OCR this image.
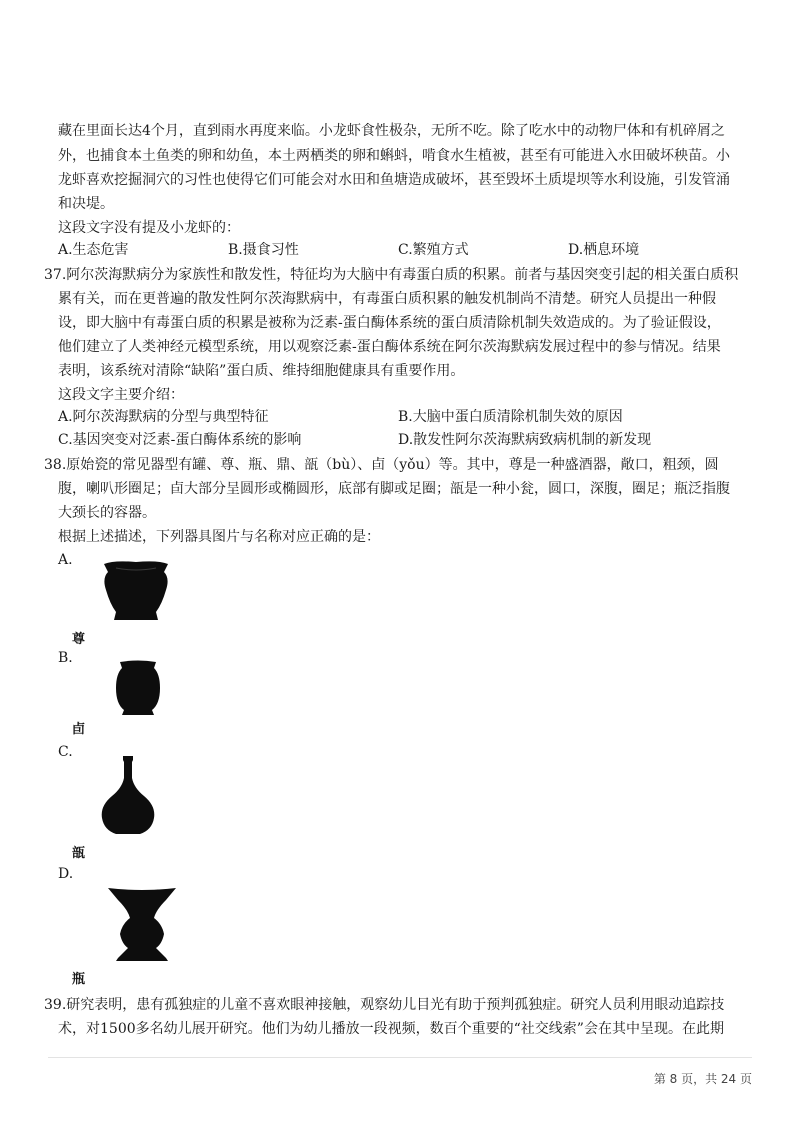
藏在里面长达4个月，直到雨水再度来临。小龙虾食性极杂，无所不吃。除了吃水中的动物尸体和有机碎屑之
外，也捕食本土鱼类的卵和幼鱼，本土两栖类的卵和蝌蚪，啃食水生植被，甚至有可能进入水田破坏秧苗。小
龙虾喜欢挖掘洞穴的习性也使得它们可能会对水田和鱼塘造成破坏，甚至毁坏土质堤坝等水利设施，引发管涌
和决堤。
这段文字没有提及小龙虾的：
A.生态危害	B.摄食习性	C.繁殖方式	D.栖息环境
37.阿尔茨海默病分为家族性和散发性，特征均为大脑中有毒蛋白质的积累。前者与基因突变引起的相关蛋白质积
累有关，而在更普遍的散发性阿尔茨海默病中，有毒蛋白质积累的触发机制尚不清楚。研究人员提出一种假
设，即大脑中有毒蛋白质的积累是被称为泛素-蛋白酶体系统的蛋白质清除机制失效造成的。为了验证假设，
他们建立了人类神经元模型系统，用以观察泛素-蛋白酶体系统在阿尔茨海默病发展过程中的参与情况。结果
表明，该系统对清除“缺陷”蛋白质、维持细胞健康具有重要作用。
这段文字主要介绍：
A.阿尔茨海默病的分型与典型特征	B.大脑中蛋白质清除机制失效的原因
C.基因突变对泛素-蛋白酶体系统的影响	D.散发性阿尔茨海默病致病机制的新发现
38.原始瓷的常见器型有罐、尊、瓶、鼎、瓿（bù）、卣（yǒu）等。其中，尊是一种盛酒器，敞口，粗颈，圆
腹，喇叭形圈足；卣大部分呈圆形或椭圆形，底部有脚或足圈；瓿是一种小瓮，圆口，深腹，圈足；瓶泛指腹
大颈长的容器。
根据上述描述，下列器具图片与名称对应正确的是：
A.
尊
B.
卣
C.
瓿
D.
瓶
39.研究表明，患有孤独症的儿童不喜欢眼神接触，观察幼儿目光有助于预判孤独症。研究人员利用眼动追踪技
术，对1500多名幼儿展开研究。他们为幼儿播放一段视频，数百个重要的“社交线索”会在其中呈现。在此期
第 8 页，共 24 页
